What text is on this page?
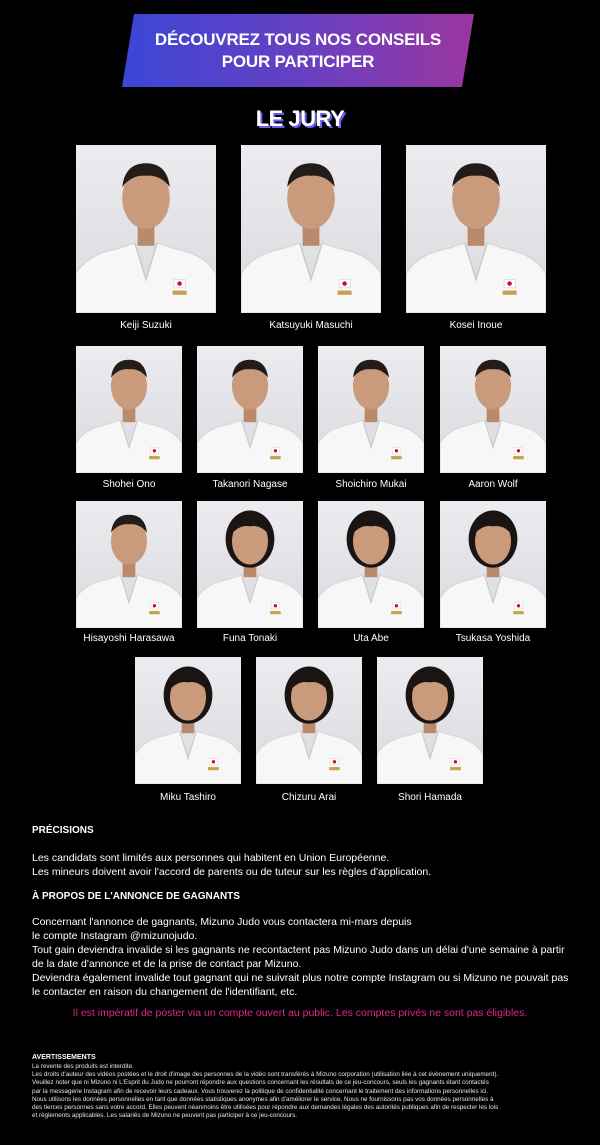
DÉCOUVREZ TOUS NOS CONSEILS
POUR PARTICIPER
LE JURY
Keiji Suzuki	Katsuyuki Masuchi	Kosei Inoue
Shohei Ono	Takanori Nagase	Shoichiro Mukai	Aaron Wolf
Hisayoshi Harasawa	Funa Tonaki	Uta Abe	Tsukasa Yoshida
Miku Tashiro	Chizuru Arai	Shori Hamada
PRÉCISIONS
Les candidats sont limités aux personnes qui habitent en Union Européenne.
Les mineurs doivent avoir l'accord de parents ou de tuteur sur les règles d'application.
À PROPOS DE L'ANNONCE DE GAGNANTS
Concernant l'annonce de gagnants, Mizuno Judo vous contactera mi-mars depuis
le compte Instagram @mizunojudo.
Tout gain deviendra invalide si les gagnants ne recontactent pas Mizuno Judo dans un délai d'une semaine à partir
de la date d'annonce et de la prise de contact par Mizuno.
Deviendra également invalide tout gagnant qui ne suivrait plus notre compte Instagram ou si Mizuno ne pouvait pas
le contacter en raison du changement de l'identifiant, etc.
Il est impératif de poster via un compte ouvert au public. Les comptes privés ne sont pas éligibles.
AVERTISSEMENTS
La revente des produits est interdite.
Les droits d'auteur des vidéos postées et le droit d'image des personnes de la vidéo sont transférés à Mizuno corporation (utilisation liée à cet évènement uniquement).
Veuillez noter que ni Mizuno ni L'Esprit du Judo ne pourront répondre aux questions concernant les résultats de ce jeu-concours, seuls les gagnants étant contactés
par la messagerie Instagram afin de recevoir leurs cadeaux. Vous trouverez la politique de confidentialité concernant le traitement des informations personnelles ici.
Nous utilisons les données personnelles en tant que données statistiques anonymes afin d'améliorer le service. Nous ne fournissons pas vos données personnelles à
des tierces personnes sans votre accord. Elles peuvent néanmoins être utilisées pour répondre aux demandes légales des autorités publiques afin de respecter les lois
et règlements applicables. Les salariés de Mizuno ne peuvent pas participer à ce jeu-concours.
